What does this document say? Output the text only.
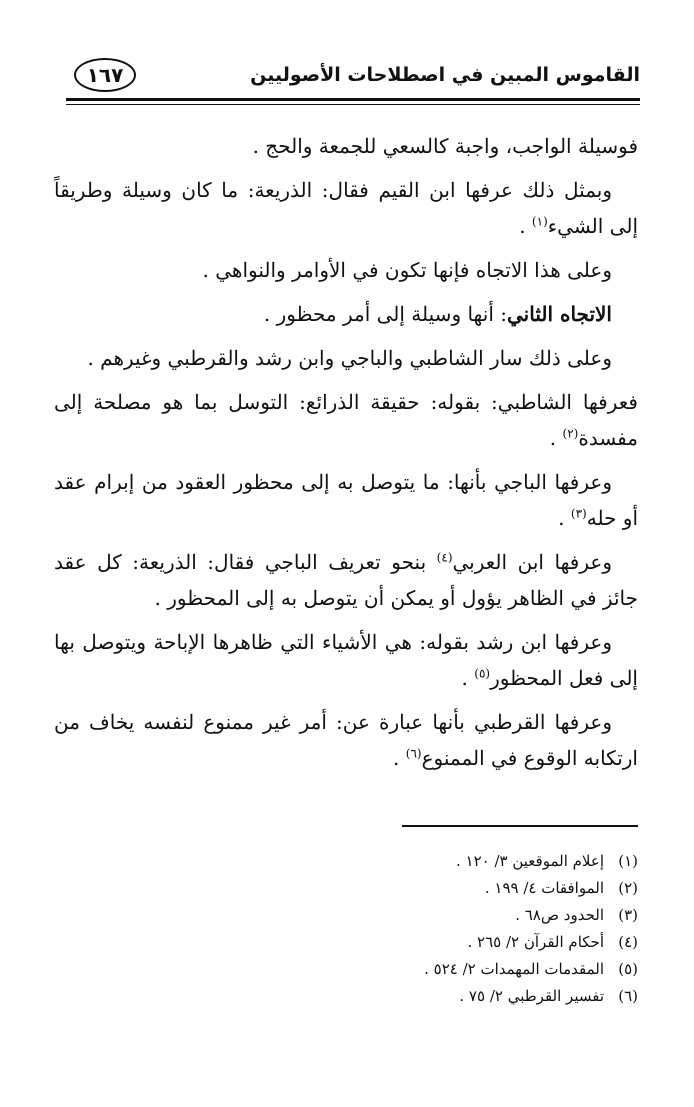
القاموس المبين في اصطلاحات الأصوليين
١٦٧

فوسيلة الواجب، واجبة كالسعي للجمعة والحج .

وبمثل ذلك عرفها ابن القيم فقال: الذريعة: ما كان وسيلة وطريقاً إلى الشيء$^{(١)}$ .

وعلى هذا الاتجاه فإنها تكون في الأوامر والنواهي .

الاتجاه الثاني: أنها وسيلة إلى أمر محظور .

وعلى ذلك سار الشاطبي والباجي وابن رشد والقرطبي وغيرهم .

فعرفها الشاطبي: بقوله: حقيقة الذرائع: التوسل بما هو مصلحة إلى مفسدة$^{(٢)}$ .

وعرفها الباجي بأنها: ما يتوصل به إلى محظور العقود من إبرام عقد أو حله$^{(٣)}$ .

وعرفها ابن العربي$^{(٤)}$ بنحو تعريف الباجي فقال: الذريعة: كل عقد جائز في الظاهر يؤول أو يمكن أن يتوصل به إلى المحظور .

وعرفها ابن رشد بقوله: هي الأشياء التي ظاهرها الإباحة ويتوصل بها إلى فعل المحظور$^{(٥)}$ .

وعرفها القرطبي بأنها عبارة عن: أمر غير ممنوع لنفسه يخاف من ارتكابه الوقوع في الممنوع$^{(٦)}$ .

(١)إعلام الموقعين ٣/ ١٢٠ .
(٢)الموافقات ٤/ ١٩٩ .
(٣)الحدود ص٦٨ .
(٤)أحكام القرآن ٢/ ٢٦٥ .
(٥)المقدمات المهمدات ٢/ ٥٢٤ .
(٦)تفسير القرطبي ٢/ ٧٥ .
